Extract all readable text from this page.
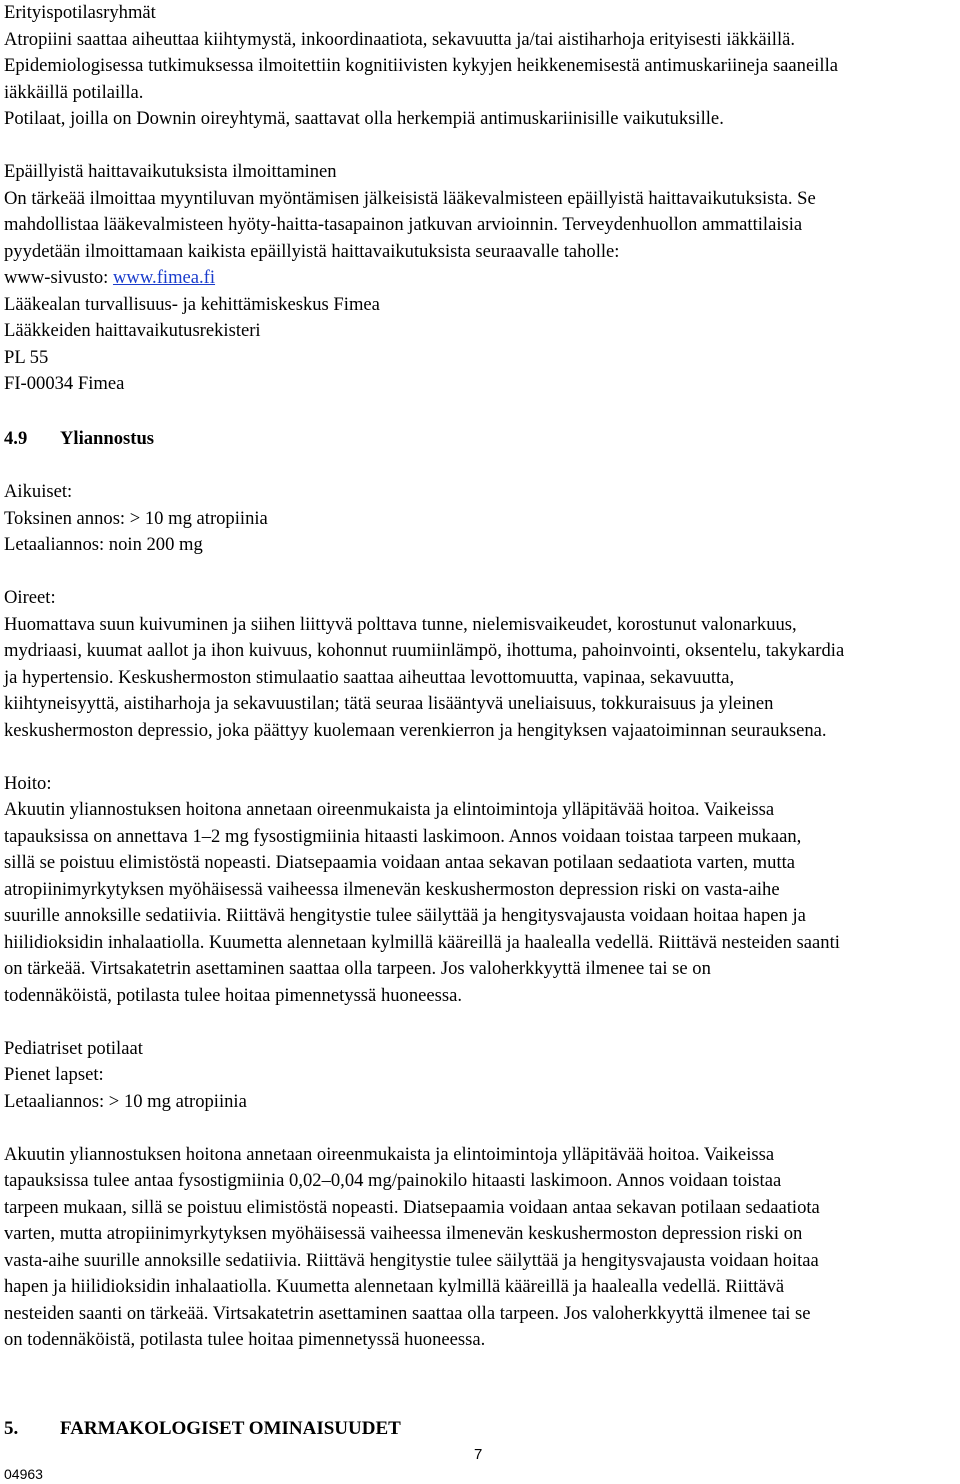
Erityispotilasryhmät

Atropiini saattaa aiheuttaa kiihtymystä, inkoordinaatiota, sekavuutta ja/tai aistiharhoja erityisesti iäkkäillä.

Epidemiologisessa tutkimuksessa ilmoitettiin kognitiivisten kykyjen heikkenemisestä antimuskariineja saaneilla

iäkkäillä potilailla.

Potilaat, joilla on Downin oireyhtymä, saattavat olla herkempiä antimuskariinisille vaikutuksille.

Epäillyistä haittavaikutuksista ilmoittaminen

On tärkeää ilmoittaa myyntiluvan myöntämisen jälkeisistä lääkevalmisteen epäillyistä haittavaikutuksista. Se

mahdollistaa lääkevalmisteen hyöty-haitta-tasapainon jatkuvan arvioinnin. Terveydenhuollon ammattilaisia

pyydetään ilmoittamaan kaikista epäillyistä haittavaikutuksista seuraavalle taholle:

www-sivusto: www.fimea.fi

Lääkealan turvallisuus- ja kehittämiskeskus Fimea

Lääkkeiden haittavaikutusrekisteri

PL 55

FI-00034 Fimea

4.9 Yliannostus

Aikuiset:

Toksinen annos: > 10 mg atropiinia

Letaaliannos: noin 200 mg

Oireet:

Huomattava suun kuivuminen ja siihen liittyvä polttava tunne, nielemisvaikeudet, korostunut valonarkuus,

mydriaasi, kuumat aallot ja ihon kuivuus, kohonnut ruumiinlämpö, ihottuma, pahoinvointi, oksentelu, takykardia

ja hypertensio. Keskushermoston stimulaatio saattaa aiheuttaa levottomuutta, vapinaa, sekavuutta,

kiihtyneisyyttä, aistiharhoja ja sekavuustilan; tätä seuraa lisääntyvä uneliaisuus, tokkuraisuus ja yleinen

keskushermoston depressio, joka päättyy kuolemaan verenkierron ja hengityksen vajaatoiminnan seurauksena.

Hoito:

Akuutin yliannostuksen hoitona annetaan oireenmukaista ja elintoimintoja ylläpitävää hoitoa. Vaikeissa

tapauksissa on annettava 1–2 mg fysostigmiinia hitaasti laskimoon. Annos voidaan toistaa tarpeen mukaan,

sillä se poistuu elimistöstä nopeasti. Diatsepaamia voidaan antaa sekavan potilaan sedaatiota varten, mutta

atropiinimyrkytyksen myöhäisessä vaiheessa ilmenevän keskushermoston depression riski on vasta-aihe

suurille annoksille sedatiivia. Riittävä hengitystie tulee säilyttää ja hengitysvajausta voidaan hoitaa hapen ja

hiilidioksidin inhalaatiolla. Kuumetta alennetaan kylmillä kääreillä ja haalealla vedellä. Riittävä nesteiden saanti

on tärkeää. Virtsakatetrin asettaminen saattaa olla tarpeen. Jos valoherkkyyttä ilmenee tai se on

todennäköistä, potilasta tulee hoitaa pimennetyssä huoneessa.

Pediatriset potilaat

Pienet lapset:

Letaaliannos: > 10 mg atropiinia

Akuutin yliannostuksen hoitona annetaan oireenmukaista ja elintoimintoja ylläpitävää hoitoa. Vaikeissa

tapauksissa tulee antaa fysostigmiinia 0,02–0,04 mg/painokilo hitaasti laskimoon. Annos voidaan toistaa

tarpeen mukaan, sillä se poistuu elimistöstä nopeasti. Diatsepaamia voidaan antaa sekavan potilaan sedaatiota

varten, mutta atropiinimyrkytyksen myöhäisessä vaiheessa ilmenevän keskushermoston depression riski on

vasta-aihe suurille annoksille sedatiivia. Riittävä hengitystie tulee säilyttää ja hengitysvajausta voidaan hoitaa

hapen ja hiilidioksidin inhalaatiolla. Kuumetta alennetaan kylmillä kääreillä ja haalealla vedellä. Riittävä

nesteiden saanti on tärkeää. Virtsakatetrin asettaminen saattaa olla tarpeen. Jos valoherkkyyttä ilmenee tai se

on todennäköistä, potilasta tulee hoitaa pimennetyssä huoneessa.

5. FARMAKOLOGISET OMINAISUUDET
7
04963
